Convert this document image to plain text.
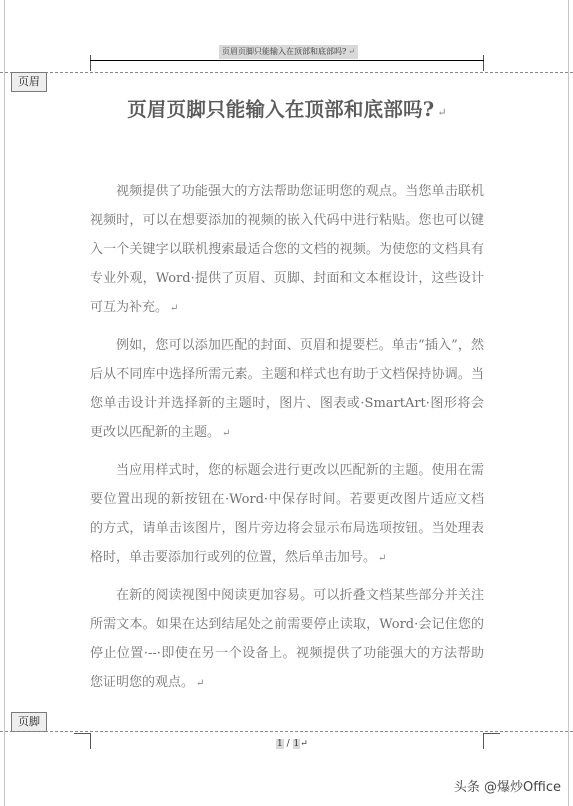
页眉页脚只能输入在顶部和底部吗? ↵
页眉
页眉页脚只能输入在顶部和底部吗? ↵

视频提供了功能强大的方法帮助您证明您的观点。当您单击联机视频时，可以在想要添加的视频的嵌入代码中进行粘贴。您也可以键入一个关键字以联机搜索最适合您的文档的视频。为使您的文档具有专业外观，Word·提供了页眉、页脚、封面和文本框设计，这些设计可互为补充。 ↵

例如，您可以添加匹配的封面、页眉和提要栏。单击“插入”，然后从不同库中选择所需元素。主题和样式也有助于文档保持协调。当您单击设计并选择新的主题时，图片、图表或·SmartArt·图形将会更改以匹配新的主题。 ↵

当应用样式时，您的标题会进行更改以匹配新的主题。使用在需要位置出现的新按钮在·Word·中保存时间。若要更改图片适应文档的方式，请单击该图片，图片旁边将会显示布局选项按钮。当处理表格时，单击要添加行或列的位置，然后单击加号。 ↵

在新的阅读视图中阅读更加容易。可以折叠文档某些部分并关注所需文本。如果在达到结尾处之前需要停止读取，Word·会记住您的停止位置·--·即使在另一个设备上。视频提供了功能强大的方法帮助您证明您的观点。 ↵

页脚
1 / 1↵
头条 @爆炒Office
